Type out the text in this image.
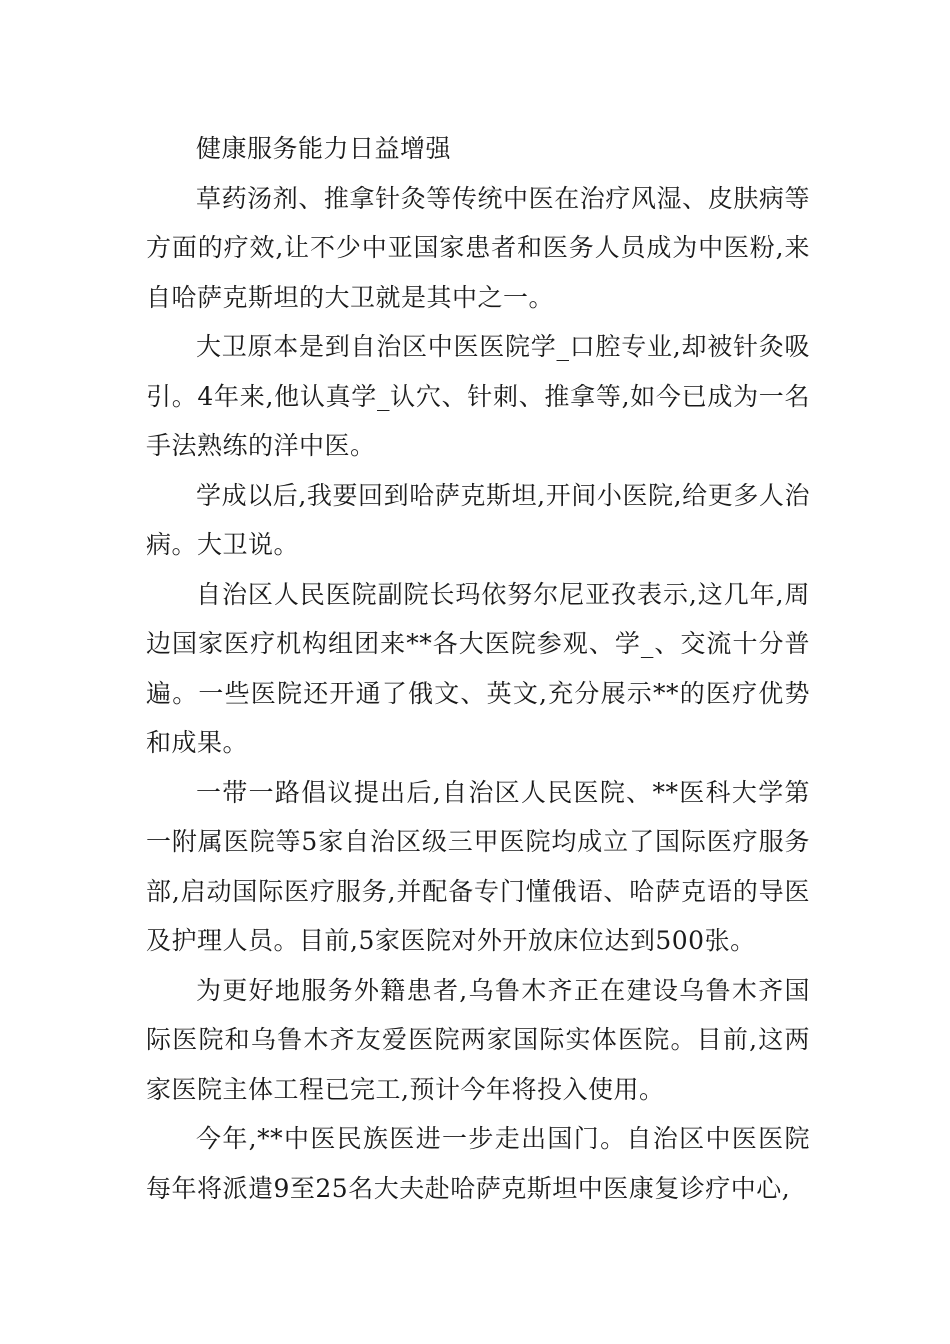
健康服务能力日益增强

草药汤剂、推拿针灸等传统中医在治疗风湿、皮肤病等方面的疗效,让不少中亚国家患者和医务人员成为中医粉,来自哈萨克斯坦的大卫就是其中之一。

大卫原本是到自治区中医医院学_口腔专业,却被针灸吸引。4年来,他认真学_认穴、针刺、推拿等,如今已成为一名手法熟练的洋中医。

学成以后,我要回到哈萨克斯坦,开间小医院,给更多人治病。大卫说。

自治区人民医院副院长玛依努尔尼亚孜表示,这几年,周边国家医疗机构组团来**各大医院参观、学_、交流十分普遍。一些医院还开通了俄文、英文,充分展示**的医疗优势和成果。

一带一路倡议提出后,自治区人民医院、**医科大学第一附属医院等5家自治区级三甲医院均成立了国际医疗服务部,启动国际医疗服务,并配备专门懂俄语、哈萨克语的导医及护理人员。目前,5家医院对外开放床位达到500张。

为更好地服务外籍患者,乌鲁木齐正在建设乌鲁木齐国际医院和乌鲁木齐友爱医院两家国际实体医院。目前,这两家医院主体工程已完工,预计今年将投入使用。

今年,**中医民族医进一步走出国门。自治区中医医院每年将派遣9至25名大夫赴哈萨克斯坦中医康复诊疗中心,
